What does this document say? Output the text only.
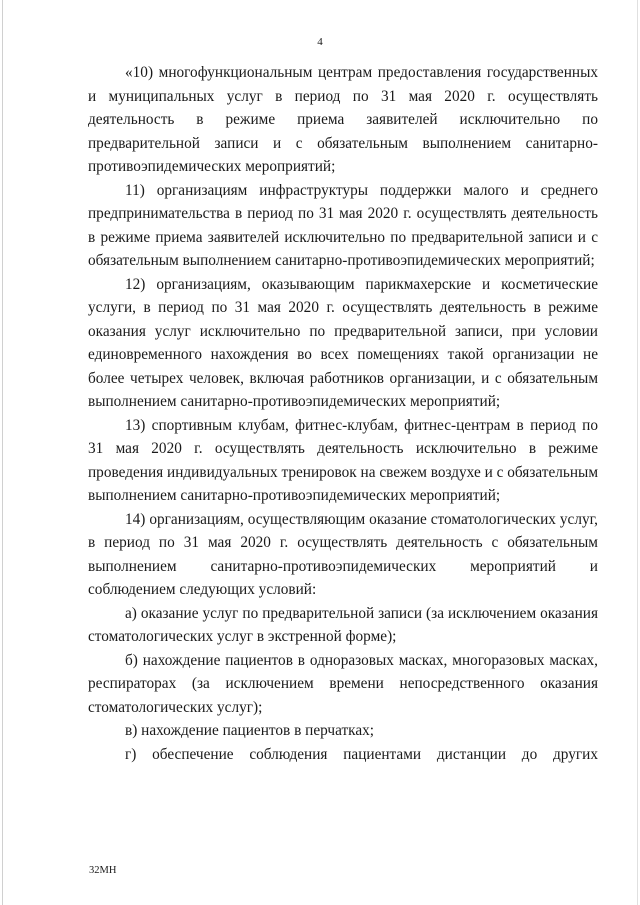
4

«10) многофункциональным центрам предоставления государственных и муниципальных услуг в период по 31 мая 2020 г. осуществлять деятельность в режиме приема заявителей исключительно по предварительной записи и с обязательным выполнением санитарно-противоэпидемических мероприятий;

11) организациям инфраструктуры поддержки малого и среднего предпринимательства в период по 31 мая 2020 г. осуществлять деятельность в режиме приема заявителей исключительно по предварительной записи и с обязательным выполнением санитарно-противоэпидемических мероприятий;

12) организациям, оказывающим парикмахерские и косметические услуги, в период по 31 мая 2020 г. осуществлять деятельность в режиме оказания услуг исключительно по предварительной записи, при условии единовременного нахождения во всех помещениях такой организации не более четырех человек, включая работников организации, и с обязательным выполнением санитарно-противоэпидемических мероприятий;

13) спортивным клубам, фитнес-клубам, фитнес-центрам в период по 31 мая 2020 г. осуществлять деятельность исключительно в режиме проведения индивидуальных тренировок на свежем воздухе и с обязательным выполнением санитарно-противоэпидемических мероприятий;

14) организациям, осуществляющим оказание стоматологических услуг, в период по 31 мая 2020 г. осуществлять деятельность с обязательным выполнением санитарно-противоэпидемических мероприятий и соблюдением следующих условий:

а) оказание услуг по предварительной записи (за исключением оказания стоматологических услуг в экстренной форме);

б) нахождение пациентов в одноразовых масках, многоразовых масках, респираторах (за исключением времени непосредственного оказания стоматологических услуг);

в) нахождение пациентов в перчатках;

г) обеспечение соблюдения пациентами дистанции до других

32МН
